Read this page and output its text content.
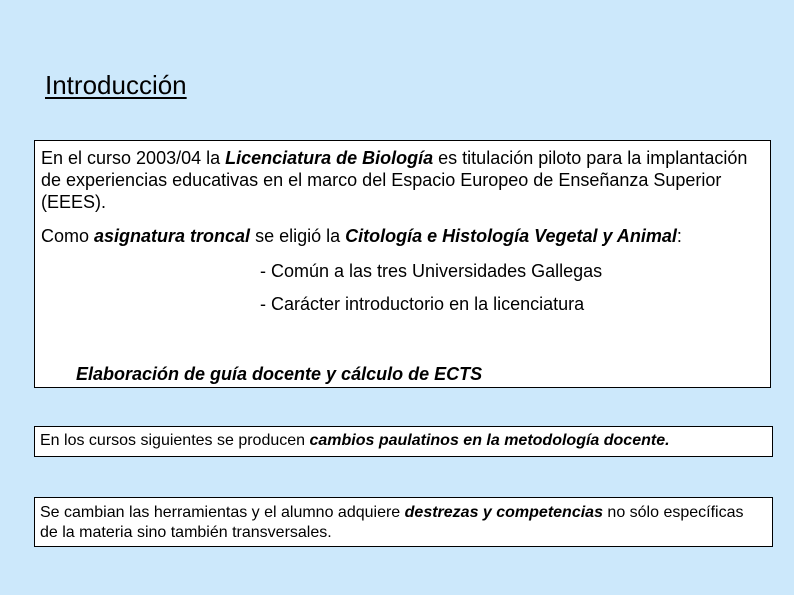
Introducción
En el curso 2003/04 la Licenciatura de Biología es titulación piloto para la implantación de experiencias educativas en el marco del Espacio Europeo de Enseñanza Superior (EEES).
Como asignatura troncal se eligió la Citología e Histología Vegetal y Animal:
- Común a las tres Universidades Gallegas
- Carácter introductorio en la licenciatura
Elaboración de guía docente y cálculo de ECTS
En los cursos siguientes se producen cambios paulatinos en la metodología docente.
Se cambian las herramientas y el alumno adquiere destrezas y competencias no sólo específicas de la materia sino también transversales.
